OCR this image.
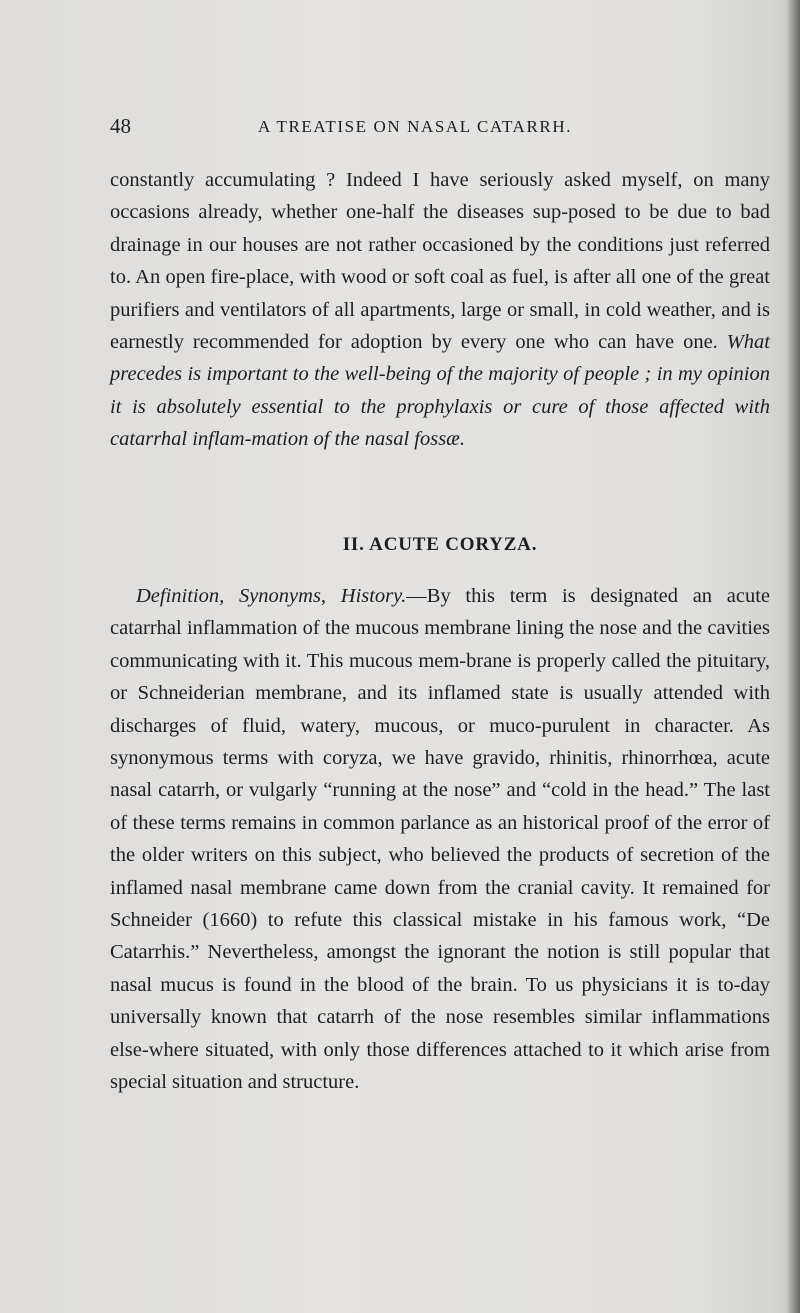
48	A TREATISE ON NASAL CATARRH.

constantly accumulating ? Indeed I have seriously asked myself, on many occasions already, whether one-half the diseases sup-posed to be due to bad drainage in our houses are not rather occasioned by the conditions just referred to. An open fire-place, with wood or soft coal as fuel, is after all one of the great purifiers and ventilators of all apartments, large or small, in cold weather, and is earnestly recommended for adoption by every one who can have one. What precedes is important to the well-being of the majority of people ; in my opinion it is absolutely essential to the prophylaxis or cure of those affected with catarrhal inflam-mation of the nasal fossæ.

II. ACUTE CORYZA.

Definition, Synonyms, History.—By this term is designated an acute catarrhal inflammation of the mucous membrane lining the nose and the cavities communicating with it. This mucous mem-brane is properly called the pituitary, or Schneiderian membrane, and its inflamed state is usually attended with discharges of fluid, watery, mucous, or muco-purulent in character. As synonymous terms with coryza, we have gravido, rhinitis, rhinorrhœa, acute nasal catarrh, or vulgarly “running at the nose” and “cold in the head.” The last of these terms remains in common parlance as an historical proof of the error of the older writers on this subject, who believed the products of secretion of the inflamed nasal membrane came down from the cranial cavity. It remained for Schneider (1660) to refute this classical mistake in his famous work, “De Catarrhis.” Nevertheless, amongst the ignorant the notion is still popular that nasal mucus is found in the blood of the brain. To us physicians it is to-day universally known that catarrh of the nose resembles similar inflammations else-where situated, with only those differences attached to it which arise from special situation and structure.
